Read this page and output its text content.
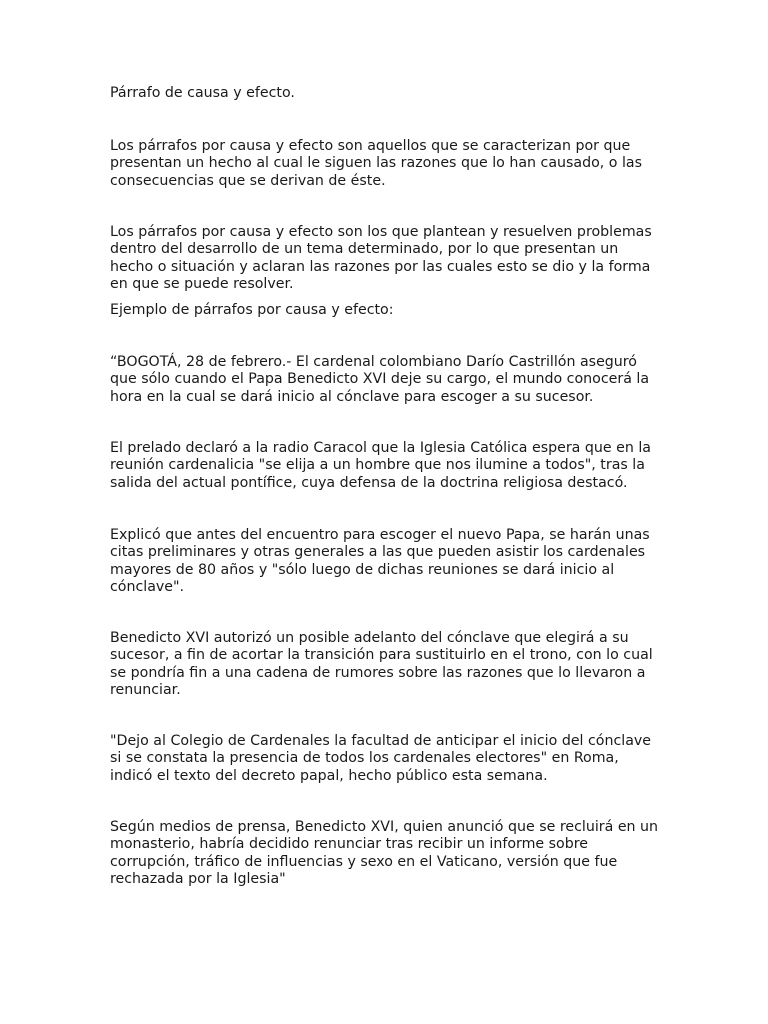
Párrafo de causa y efecto.

Los párrafos por causa y efecto son aquellos que se caracterizan por que
presentan un hecho al cual le siguen las razones que lo han causado, o las
consecuencias que se derivan de éste.

Los párrafos por causa y efecto son los que plantean y resuelven problemas
dentro del desarrollo de un tema determinado, por lo que presentan un
hecho o situación y aclaran las razones por las cuales esto se dio y la forma
en que se puede resolver.

Ejemplo de párrafos por causa y efecto:

“BOGOTÁ, 28 de febrero.- El cardenal colombiano Darío Castrillón aseguró
que sólo cuando el Papa Benedicto XVI deje su cargo, el mundo conocerá la
hora en la cual se dará inicio al cónclave para escoger a su sucesor.

El prelado declaró a la radio Caracol que la Iglesia Católica espera que en la
reunión cardenalicia "se elija a un hombre que nos ilumine a todos", tras la
salida del actual pontífice, cuya defensa de la doctrina religiosa destacó.

Explicó que antes del encuentro para escoger el nuevo Papa, se harán unas
citas preliminares y otras generales a las que pueden asistir los cardenales
mayores de 80 años y "sólo luego de dichas reuniones se dará inicio al
cónclave".

Benedicto XVI autorizó un posible adelanto del cónclave que elegirá a su
sucesor, a fin de acortar la transición para sustituirlo en el trono, con lo cual
se pondría fin a una cadena de rumores sobre las razones que lo llevaron a
renunciar.

"Dejo al Colegio de Cardenales la facultad de anticipar el inicio del cónclave
si se constata la presencia de todos los cardenales electores" en Roma,
indicó el texto del decreto papal, hecho público esta semana.

Según medios de prensa, Benedicto XVI, quien anunció que se recluirá en un
monasterio, habría decidido renunciar tras recibir un informe sobre
corrupción, tráfico de influencias y sexo en el Vaticano, versión que fue
rechazada por la Iglesia"
